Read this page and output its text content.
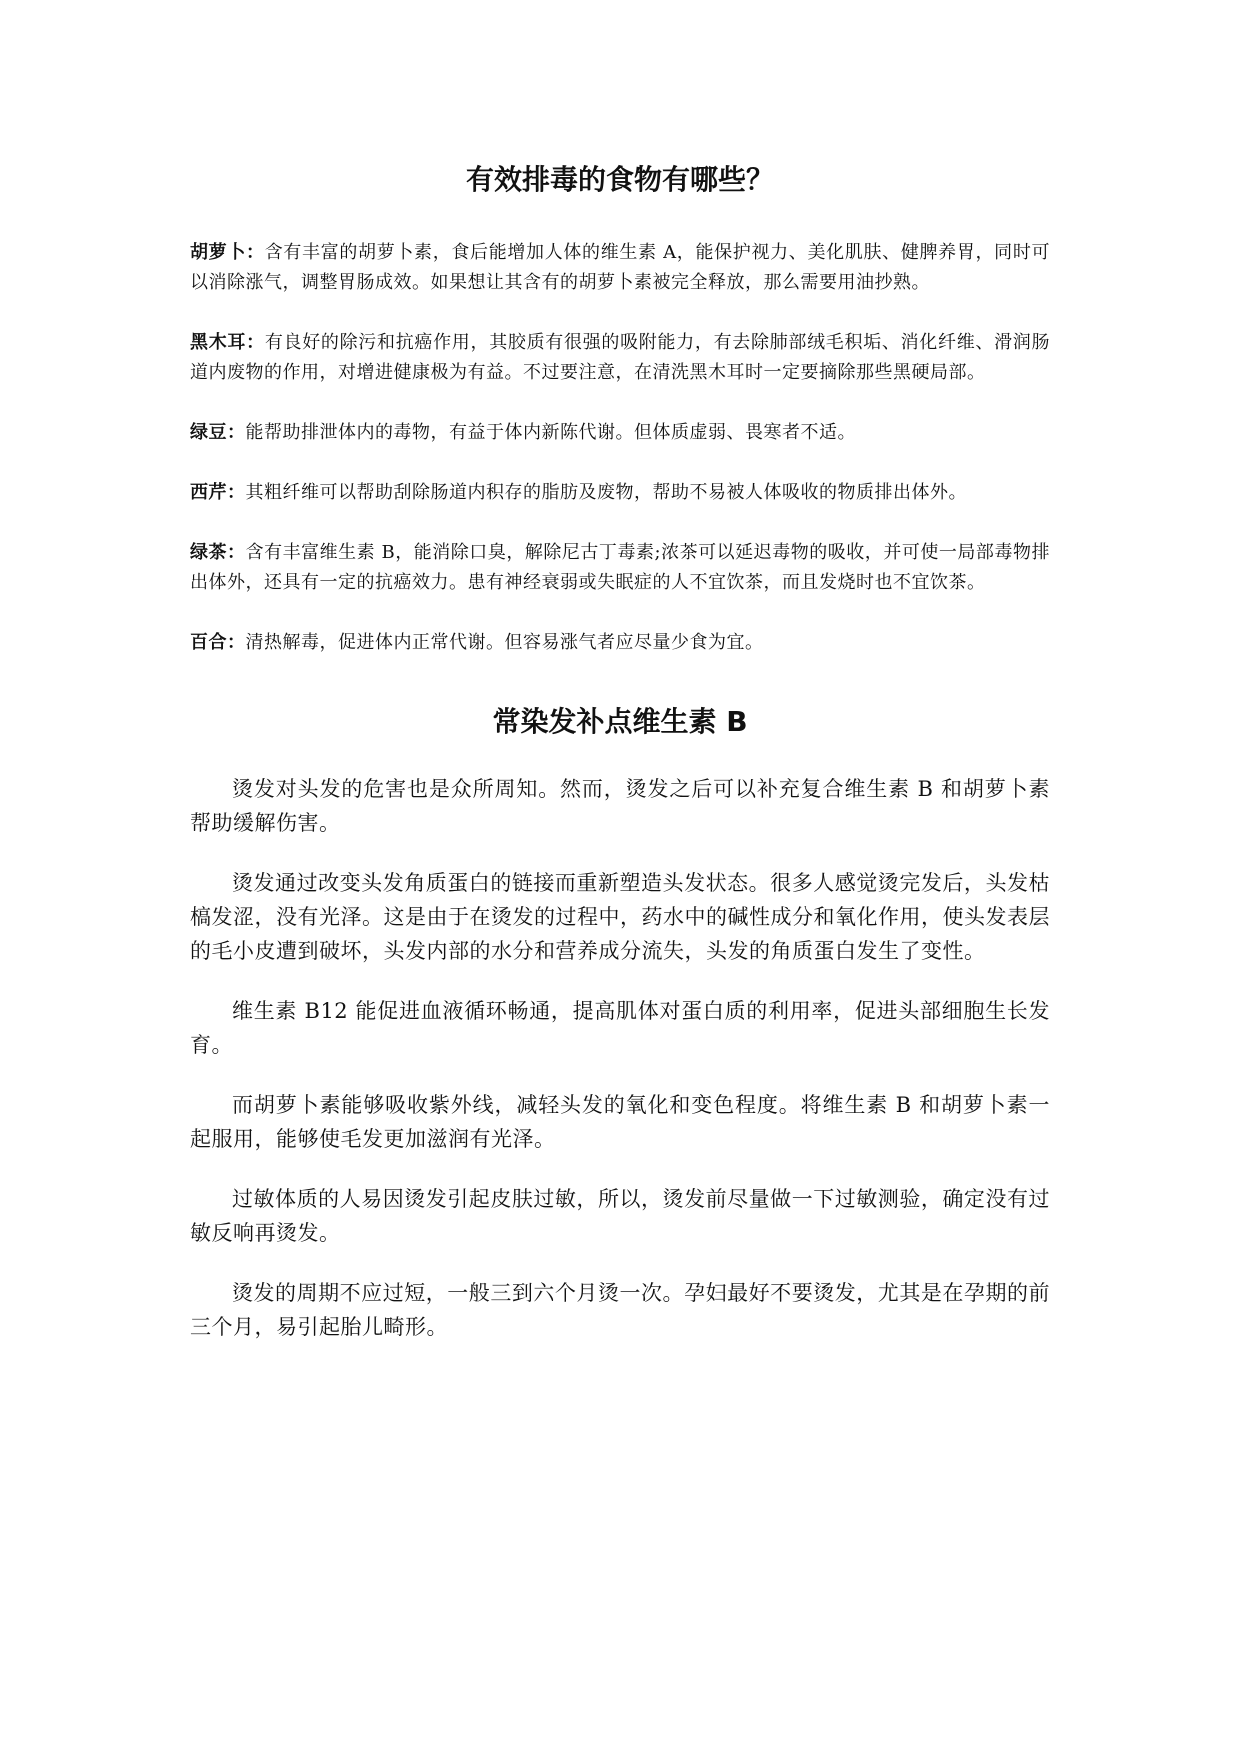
有效排毒的食物有哪些？

胡萝卜：含有丰富的胡萝卜素，食后能增加人体的维生素 A，能保护视力、美化肌肤、健脾养胃，同时可以消除涨气，调整胃肠成效。如果想让其含有的胡萝卜素被完全释放，那么需要用油抄熟。

黑木耳：有良好的除污和抗癌作用，其胶质有很强的吸附能力，有去除肺部绒毛积垢、消化纤维、滑润肠道内废物的作用，对增进健康极为有益。不过要注意，在清洗黑木耳时一定要摘除那些黑硬局部。

绿豆：能帮助排泄体内的毒物，有益于体内新陈代谢。但体质虚弱、畏寒者不适。

西芹：其粗纤维可以帮助刮除肠道内积存的脂肪及废物，帮助不易被人体吸收的物质排出体外。

绿茶：含有丰富维生素 B，能消除口臭，解除尼古丁毒素;浓茶可以延迟毒物的吸收，并可使一局部毒物排出体外，还具有一定的抗癌效力。患有神经衰弱或失眠症的人不宜饮茶，而且发烧时也不宜饮茶。

百合：清热解毒，促进体内正常代谢。但容易涨气者应尽量少食为宜。

常染发补点维生素 B

烫发对头发的危害也是众所周知。然而，烫发之后可以补充复合维生素 B 和胡萝卜素帮助缓解伤害。

烫发通过改变头发角质蛋白的链接而重新塑造头发状态。很多人感觉烫完发后，头发枯槁发涩，没有光泽。这是由于在烫发的过程中，药水中的碱性成分和氧化作用，使头发表层的毛小皮遭到破坏，头发内部的水分和营养成分流失，头发的角质蛋白发生了变性。

维生素 B12 能促进血液循环畅通，提高肌体对蛋白质的利用率，促进头部细胞生长发育。

而胡萝卜素能够吸收紫外线，减轻头发的氧化和变色程度。将维生素 B 和胡萝卜素一起服用，能够使毛发更加滋润有光泽。

过敏体质的人易因烫发引起皮肤过敏，所以，烫发前尽量做一下过敏测验，确定没有过敏反响再烫发。

烫发的周期不应过短，一般三到六个月烫一次。孕妇最好不要烫发，尤其是在孕期的前三个月，易引起胎儿畸形。
